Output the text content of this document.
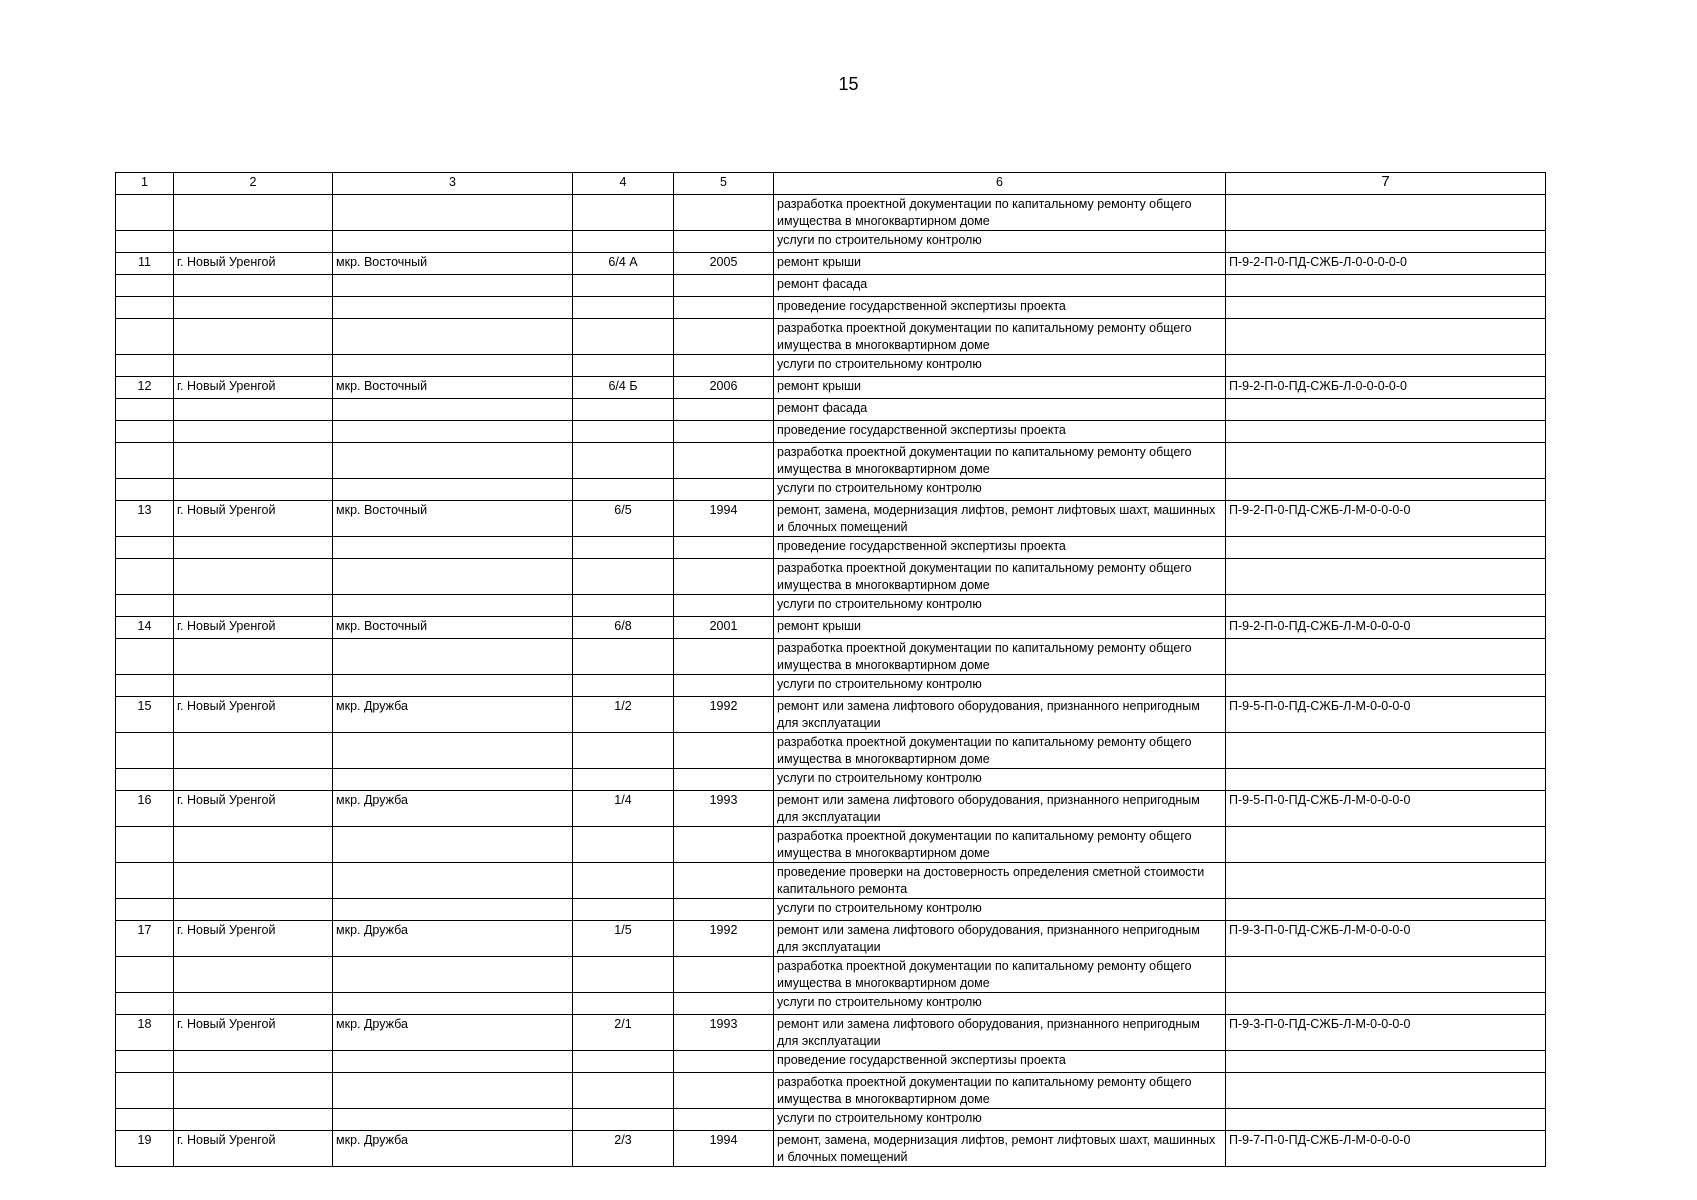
15
1	2	3	4	5	6	7
					разработка проектной документации по капитальному ремонту общего имущества в многоквартирном доме	
					услуги по строительному контролю	
11	г. Новый Уренгой	мкр. Восточный	6/4 А	2005	ремонт крыши	П-9-2-П-0-ПД-СЖБ-Л-0-0-0-0-0
					ремонт фасада	
					проведение государственной экспертизы проекта	
					разработка проектной документации по капитальному ремонту общего имущества в многоквартирном доме	
					услуги по строительному контролю	
12	г. Новый Уренгой	мкр. Восточный	6/4 Б	2006	ремонт крыши	П-9-2-П-0-ПД-СЖБ-Л-0-0-0-0-0
					ремонт фасада	
					проведение государственной экспертизы проекта	
					разработка проектной документации по капитальному ремонту общего имущества в многоквартирном доме	
					услуги по строительному контролю	
13	г. Новый Уренгой	мкр. Восточный	6/5	1994	ремонт, замена, модернизация лифтов, ремонт лифтовых шахт, машинных и блочных помещений	П-9-2-П-0-ПД-СЖБ-Л-М-0-0-0-0
					проведение государственной экспертизы проекта	
					разработка проектной документации по капитальному ремонту общего имущества в многоквартирном доме	
					услуги по строительному контролю	
14	г. Новый Уренгой	мкр. Восточный	6/8	2001	ремонт крыши	П-9-2-П-0-ПД-СЖБ-Л-М-0-0-0-0
					разработка проектной документации по капитальному ремонту общего имущества в многоквартирном доме	
					услуги по строительному контролю	
15	г. Новый Уренгой	мкр. Дружба	1/2	1992	ремонт или замена лифтового оборудования, признанного непригодным для эксплуатации	П-9-5-П-0-ПД-СЖБ-Л-М-0-0-0-0
					разработка проектной документации по капитальному ремонту общего имущества в многоквартирном доме	
					услуги по строительному контролю	
16	г. Новый Уренгой	мкр. Дружба	1/4	1993	ремонт или замена лифтового оборудования, признанного непригодным для эксплуатации	П-9-5-П-0-ПД-СЖБ-Л-М-0-0-0-0
					разработка проектной документации по капитальному ремонту общего имущества в многоквартирном доме	
					проведение проверки на достоверность определения сметной стоимости капитального ремонта	
					услуги по строительному контролю	
17	г. Новый Уренгой	мкр. Дружба	1/5	1992	ремонт или замена лифтового оборудования, признанного непригодным для эксплуатации	П-9-3-П-0-ПД-СЖБ-Л-М-0-0-0-0
					разработка проектной документации по капитальному ремонту общего имущества в многоквартирном доме	
					услуги по строительному контролю	
18	г. Новый Уренгой	мкр. Дружба	2/1	1993	ремонт или замена лифтового оборудования, признанного непригодным для эксплуатации	П-9-3-П-0-ПД-СЖБ-Л-М-0-0-0-0
					проведение государственной экспертизы проекта	
					разработка проектной документации по капитальному ремонту общего имущества в многоквартирном доме	
					услуги по строительному контролю	
19	г. Новый Уренгой	мкр. Дружба	2/3	1994	ремонт, замена, модернизация лифтов, ремонт лифтовых шахт, машинных и блочных помещений	П-9-7-П-0-ПД-СЖБ-Л-М-0-0-0-0
